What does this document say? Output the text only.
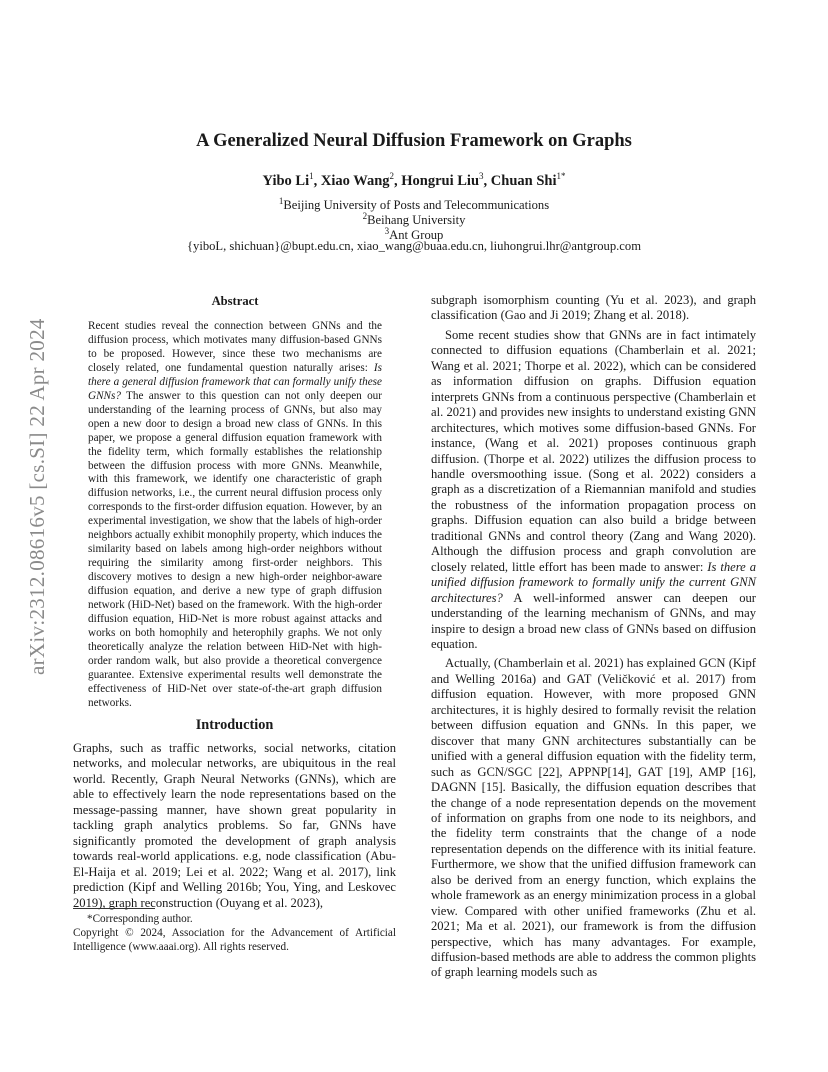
arXiv:2312.08616v5 [cs.SI] 22 Apr 2024
A Generalized Neural Diffusion Framework on Graphs
Yibo Li$^1$, Xiao Wang$^2$, Hongrui Liu$^3$, Chuan Shi$^{1*}$
$^1$Beijing University of Posts and Telecommunications
$^2$Beihang University
$^3$Ant Group
{yiboL, shichuan}@bupt.edu.cn, xiao_wang@buaa.edu.cn, liuhongrui.lhr@antgroup.com
Abstract

Recent studies reveal the connection between GNNs and the diffusion process, which motivates many diffusion-based GNNs to be proposed. However, since these two mechanisms are closely related, one fundamental question naturally arises: Is there a general diffusion framework that can formally unify these GNNs? The answer to this question can not only deepen our understanding of the learning process of GNNs, but also may open a new door to design a broad new class of GNNs. In this paper, we propose a general diffusion equation framework with the fidelity term, which formally establishes the relationship between the diffusion process with more GNNs. Meanwhile, with this framework, we identify one characteristic of graph diffusion networks, i.e., the current neural diffusion process only corresponds to the first-order diffusion equation. However, by an experimental investigation, we show that the labels of high-order neighbors actually exhibit monophily property, which induces the similarity based on labels among high-order neighbors without requiring the similarity among first-order neighbors. This discovery motives to design a new high-order neighbor-aware diffusion equation, and derive a new type of graph diffusion network (HiD-Net) based on the framework. With the high-order diffusion equation, HiD-Net is more robust against attacks and works on both homophily and heterophily graphs. We not only theoretically analyze the relation between HiD-Net with high-order random walk, but also provide a theoretical convergence guarantee. Extensive experimental results well demonstrate the effectiveness of HiD-Net over state-of-the-art graph diffusion networks.

Introduction

Graphs, such as traffic networks, social networks, citation networks, and molecular networks, are ubiquitous in the real world. Recently, Graph Neural Networks (GNNs), which are able to effectively learn the node representations based on the message-passing manner, have shown great popularity in tackling graph analytics problems. So far, GNNs have significantly promoted the development of graph analysis towards real-world applications. e.g, node classification (Abu-El-Haija et al. 2019; Lei et al. 2022; Wang et al. 2017), link prediction (Kipf and Welling 2016b; You, Ying, and Leskovec 2019), graph reconstruction (Ouyang et al. 2023),

*Corresponding author.

Copyright © 2024, Association for the Advancement of Artificial Intelligence (www.aaai.org). All rights reserved.

subgraph isomorphism counting (Yu et al. 2023), and graph classification (Gao and Ji 2019; Zhang et al. 2018).

Some recent studies show that GNNs are in fact intimately connected to diffusion equations (Chamberlain et al. 2021; Wang et al. 2021; Thorpe et al. 2022), which can be considered as information diffusion on graphs. Diffusion equation interprets GNNs from a continuous perspective (Chamberlain et al. 2021) and provides new insights to understand existing GNN architectures, which motives some diffusion-based GNNs. For instance, (Wang et al. 2021) proposes continuous graph diffusion. (Thorpe et al. 2022) utilizes the diffusion process to handle oversmoothing issue. (Song et al. 2022) considers a graph as a discretization of a Riemannian manifold and studies the robustness of the information propagation process on graphs. Diffusion equation can also build a bridge between traditional GNNs and control theory (Zang and Wang 2020). Although the diffusion process and graph convolution are closely related, little effort has been made to answer: Is there a unified diffusion framework to formally unify the current GNN architectures? A well-informed answer can deepen our understanding of the learning mechanism of GNNs, and may inspire to design a broad new class of GNNs based on diffusion equation.

Actually, (Chamberlain et al. 2021) has explained GCN (Kipf and Welling 2016a) and GAT (Veličković et al. 2017) from diffusion equation. However, with more proposed GNN architectures, it is highly desired to formally revisit the relation between diffusion equation and GNNs. In this paper, we discover that many GNN architectures substantially can be unified with a general diffusion equation with the fidelity term, such as GCN/SGC [22], APPNP[14], GAT [19], AMP [16], DAGNN [15]. Basically, the diffusion equation describes that the change of a node representation depends on the movement of information on graphs from one node to its neighbors, and the fidelity term constraints that the change of a node representation depends on the difference with its initial feature. Furthermore, we show that the unified diffusion framework can also be derived from an energy function, which explains the whole framework as an energy minimization process in a global view. Compared with other unified frameworks (Zhu et al. 2021; Ma et al. 2021), our framework is from the diffusion perspective, which has many advantages. For example, diffusion-based methods are able to address the common plights of graph learning models such as
